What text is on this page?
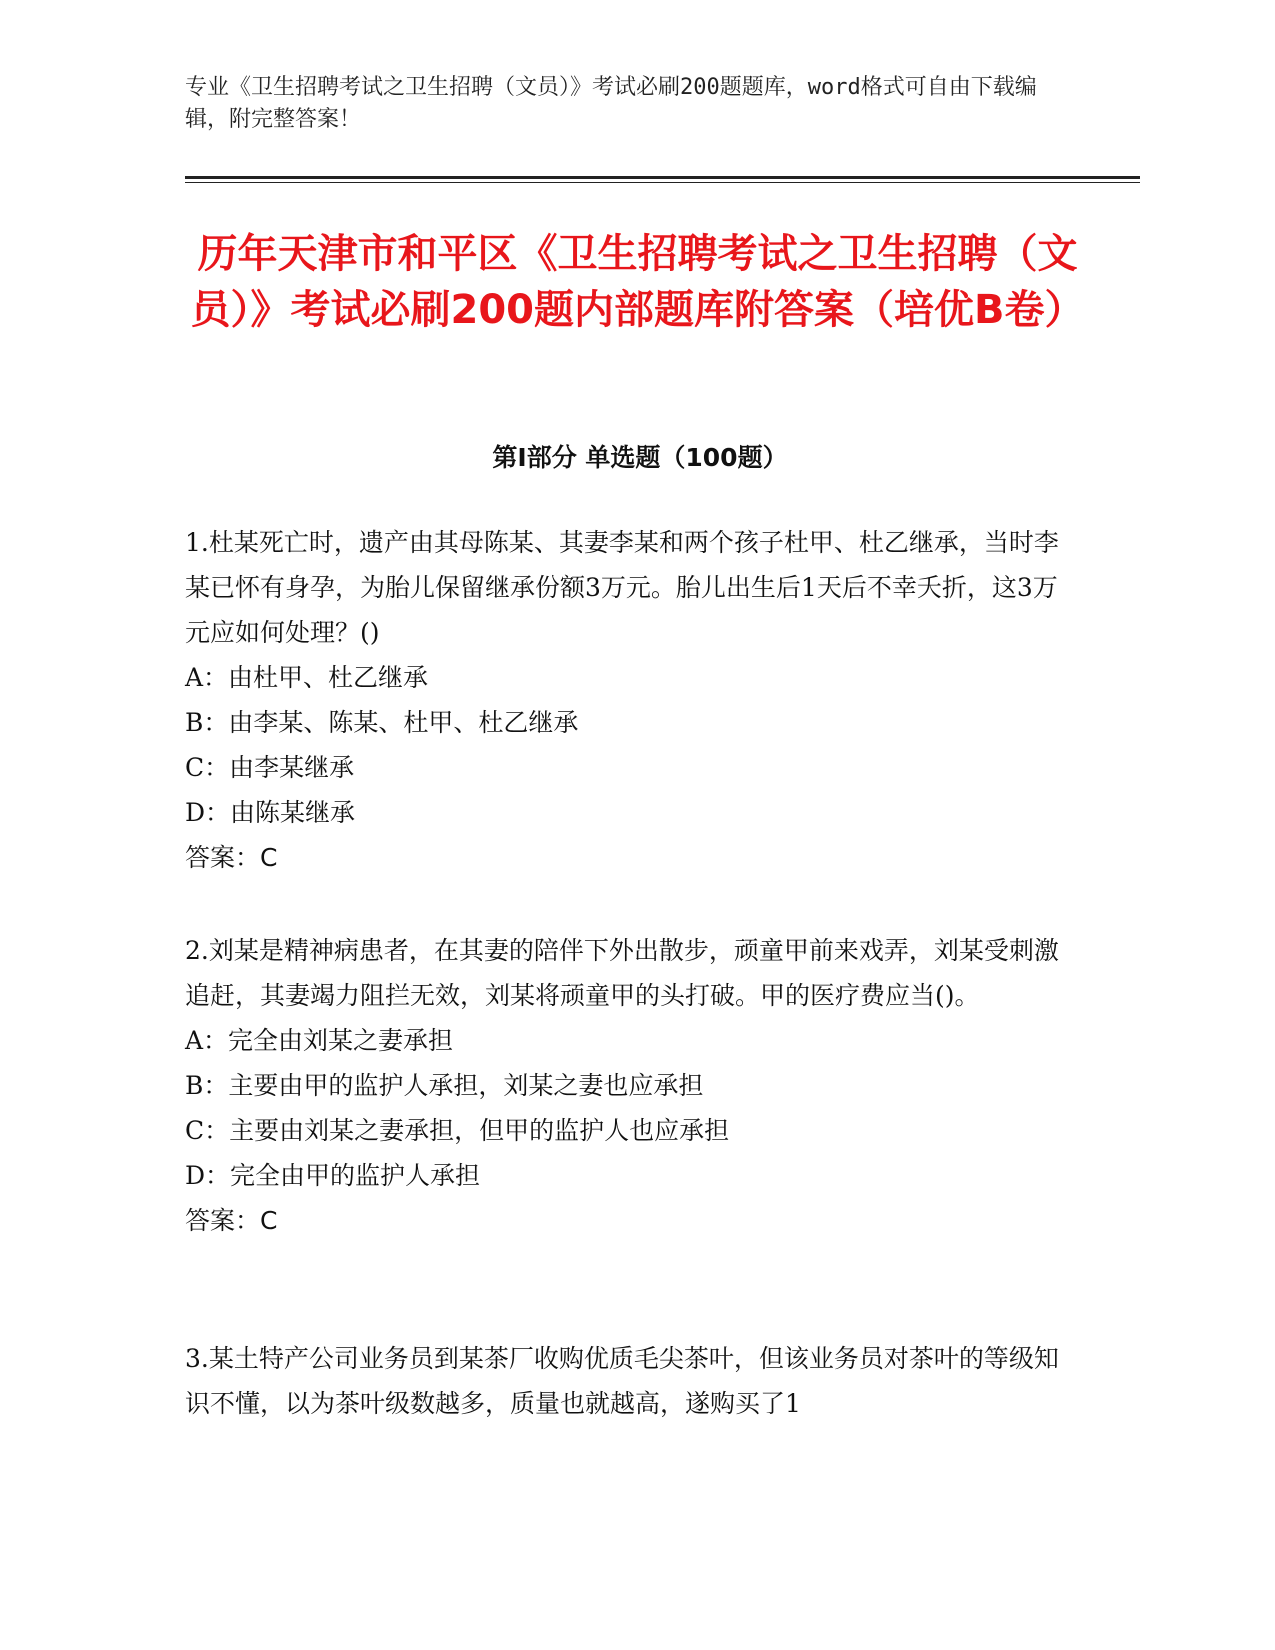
专业《卫生招聘考试之卫生招聘（文员）》考试必刷200题题库，word格式可自由下载编辑，附完整答案！
历年天津市和平区《卫生招聘考试之卫生招聘（文员）》考试必刷200题内部题库附答案（培优B卷）
第Ⅰ部分 单选题（100题）
1.杜某死亡时，遗产由其母陈某、其妻李某和两个孩子杜甲、杜乙继承，当时李某已怀有身孕，为胎儿保留继承份额3万元。胎儿出生后1天后不幸夭折，这3万元应如何处理？()
A：由杜甲、杜乙继承
B：由李某、陈某、杜甲、杜乙继承
C：由李某继承
D：由陈某继承
答案：C
2.刘某是精神病患者，在其妻的陪伴下外出散步，顽童甲前来戏弄，刘某受刺激追赶，其妻竭力阻拦无效，刘某将顽童甲的头打破。甲的医疗费应当()。
A：完全由刘某之妻承担
B：主要由甲的监护人承担，刘某之妻也应承担
C：主要由刘某之妻承担，但甲的监护人也应承担
D：完全由甲的监护人承担
答案：C
3.某土特产公司业务员到某茶厂收购优质毛尖茶叶，但该业务员对茶叶的等级知识不懂，以为茶叶级数越多，质量也就越高，遂购买了1
